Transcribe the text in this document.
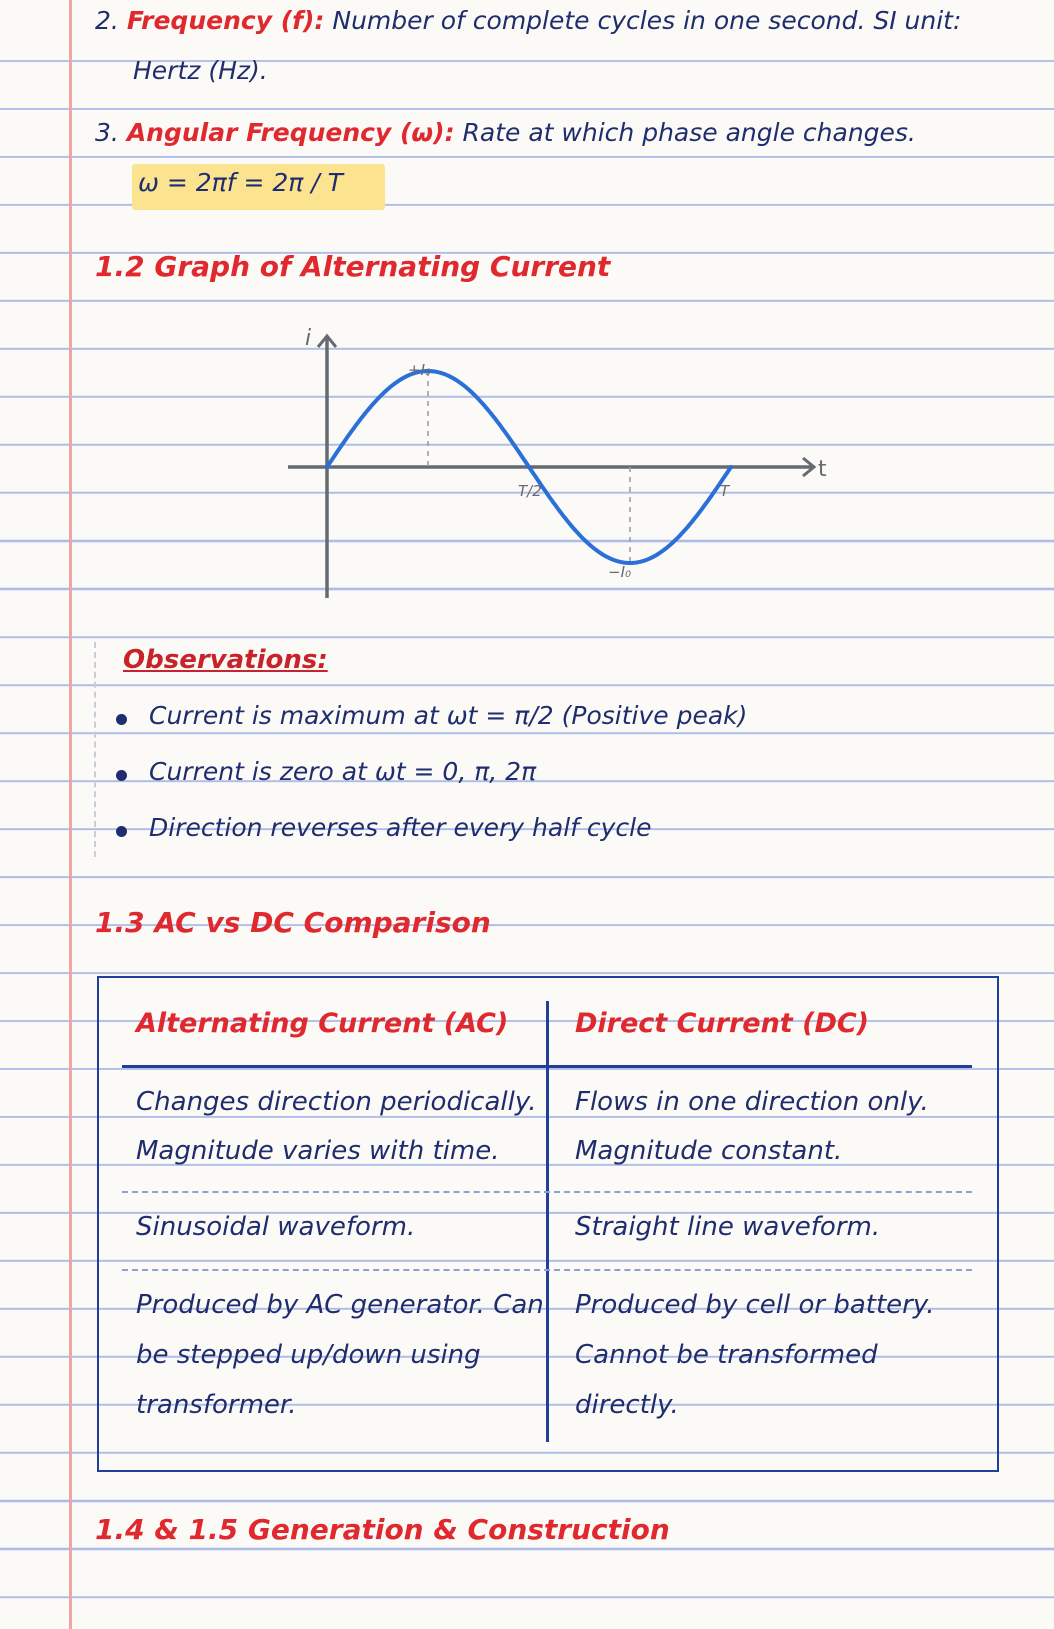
2. Frequency (f): Number of complete cycles in one second. SI unit:
Hertz (Hz).
3. Angular Frequency (ω): Rate at which phase angle changes.
ω = 2πf = 2π / T
1.2 Graph of Alternating Current
i
t
+I₀
−I₀
T/2	T
Observations:
Current is maximum at ωt = π/2 (Positive peak)
Current is zero at ωt = 0, π, 2π
Direction reverses after every half cycle
1.3 AC vs DC Comparison
Alternating Current (AC) Direct Current (DC)
Changes direction periodically.
Magnitude varies with time.
Flows in one direction only.
Magnitude constant.
Sinusoidal waveform.	Straight line waveform.
Produced by AC generator. Can
be stepped up/down using
transformer.
Produced by cell or battery.
Cannot be transformed
directly.
1.4 & 1.5 Generation & Construction
